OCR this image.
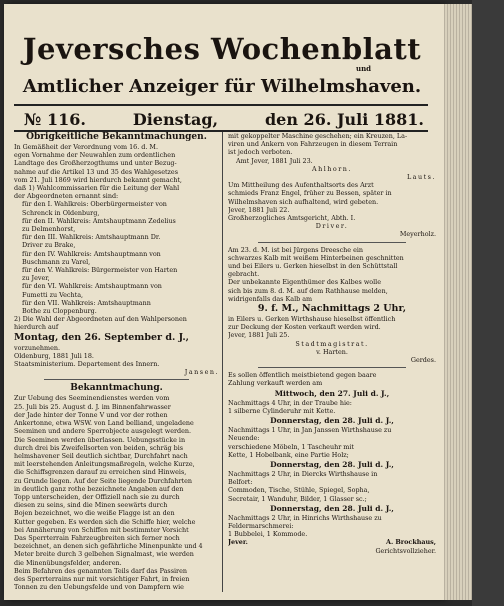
Jeversches Wochenblatt
und
Amtlicher Anzeiger für Wilhelmshaven.
№ 116.	Dienstag,	den 26. Juli 1881.
Obrigkeitliche Bekanntmachungen.
In Gemäßheit der Verordnung vom 16. d. M.
egen Vornahme der Neuwahlen zum ordentlichen
Landtage des Großherzogthums und unter Bezug-
nahme auf die Artikel 13 und 35 des Wahlgesetzes
vom 21. Juli 1869 wird hierdurch bekannt gemacht,
daß 1) Wahlcommissarien für die Leitung der Wahl
der Abgeordneten ernannt sind:
für den I. Wahlkreis: Oberbürgermeister von
Schrenck in Oldenburg,
für den II. Wahlkreis: Amtshauptmann Zedelius
zu Delmenhorst,
für den III. Wahlkreis: Amtshauptmann Dr.
Driver zu Brake,
für den IV. Wahlkreis: Amtshauptmann von
Buschmann zu Varel,
für den V. Wahlkreis: Bürgermeister von Harten
zu Jever,
für den VI. Wahlkreis: Amtshauptmann von
Fumetti zu Vechta,
für den VII. Wahlkreis: Amtshauptmann
Bothe zu Cloppenburg.
2) Die Wahl der Abgeordneten auf den Wahlpersonen
hierdurch auf
Montag, den 26. September d. J.,
vorzunehmen.
Oldenburg, 1881 Juli 18.
Staatsministerium. Departement des Innern.
Jansen.
Bekanntmachung.
Zur Uebung des Seeminendienstes werden vom
25. Juli bis 25. August d. J. im Binnenfahrwasser
der Jade hinter der Tonne V und vor der rothen
Ankertonne, etwa WSW. von Land belliand, ungeladene
Seeminen und andere Sperrobjecte ausgelegt werden.
Die Seeminen werden überlassen. Uebungsstücke in
durch drei bis Zweifellsorten von beiden, schräg bis
helmshavener Seil deutlich sichtbar, Durchfahrt nach
mit leerstehenden Anleitungsmaßregeln, welche Kurze,
die Schiffsgrenzen darauf zu erreichen sind Hinweis,
zu Grunde liegen. Auf der Seite liegende Durchfahrten
in deutlich ganz rothe bezeichnete Angaben auf den
Topp unterscheiden, der Offiziell nach sie zu durch
diesen zu seins, sind die Minen seewärts durch
Bojen bezeichnet, wo die weiße Flagge ist an den
Kutter gegeben. Es werden sich die Schiffe hier, welche
bei Annäherung von Schiffen mit bestimmter Vorsicht
Das Sperrterrain Fahrzeugbreiten sich ferner noch
bezeichnet, an denen sich gefährliche Minenpunkte und 4
Meter breite durch 3 gelbehen Signalmast, wie werden
die Minenübungsfelder, anderen.
Beim Befahren des genannten Teils darf das Passiren
des Sperrterrains nur mit vorsichtiger Fahrt, in freien
Tonnen zu den Uebungsfelde und von Dampfern wie
mit gekoppelter Maschine geschehen; ein Kreuzen, La-
viren und Ankern von Fahrzeugen in diesem Terrain
ist jedoch verboten.
Amt Jever, 1881 Juli 23.
Ahlhorn.
Lauts.
Um Mittheilung des Aufenthaltsorts des Arzt
schmieds Franz Engel, früher zu Bessen, später in
Wilhelmshaven sich aufhaltend, wird gebeten.
Jever, 1881 Juli 22.
Großherzogliches Amtsgericht, Abth. I.
Driver.
Meyerholz.
Am 23. d. M. ist bei Jürgens Dreesche ein
schwarzes Kalb mit weißem Hinterbeinen geschnitten
und bei Eilers u. Gerken hieselbst in den Schüttstall
gebracht.
Der unbekannte Eigenthümer des Kalbes wolle
sich bis zum 8. d. M. auf dem Rathhause melden,
widrigenfalls das Kalb am
9. f. M., Nachmittags 2 Uhr,
in Eilers u. Gerken Wirthshause hieselbst öffentlich
zur Deckung der Kosten verkauft werden wird.
Jever, 1881 Juli 25.
Stadtmagistrat.
v. Harten.
Gerdes.
Es sollen öffentlich meistbietend gegen baare
Zahlung verkauft werden am
Mittwoch, den 27. Juli d. J.,
Nachmittags 4 Uhr, in der Traube hie:
1 silberne Cylinderuhr mit Kette.
Donnerstag, den 28. Juli d. J.,
Nachmittags 1 Uhr, in Jan Janssen Wirthshause zu
Neuende:
verschiedene Möbeln, 1 Tascheuhr mit
Kette, 1 Hobelbank, eine Partie Holz;
Donnerstag, den 28. Juli d. J.,
Nachmittags 2 Uhr, in Diercks Wirthshause in
Belfort:
Commoden, Tische, Stühle, Spiegel, Sopha,
Secretair, 1 Wanduhr, Bilder, 1 Glasser sc.;
Donnerstag, den 28. Juli d. J.,
Nachmittags 2 Uhr, in Hinrichs Wirthshause zu
Feldermarschmerei:
1 Bubbelei, 1 Kommode.
Jever.	A. Brockhaus,
Gerichtsvollzieher.
